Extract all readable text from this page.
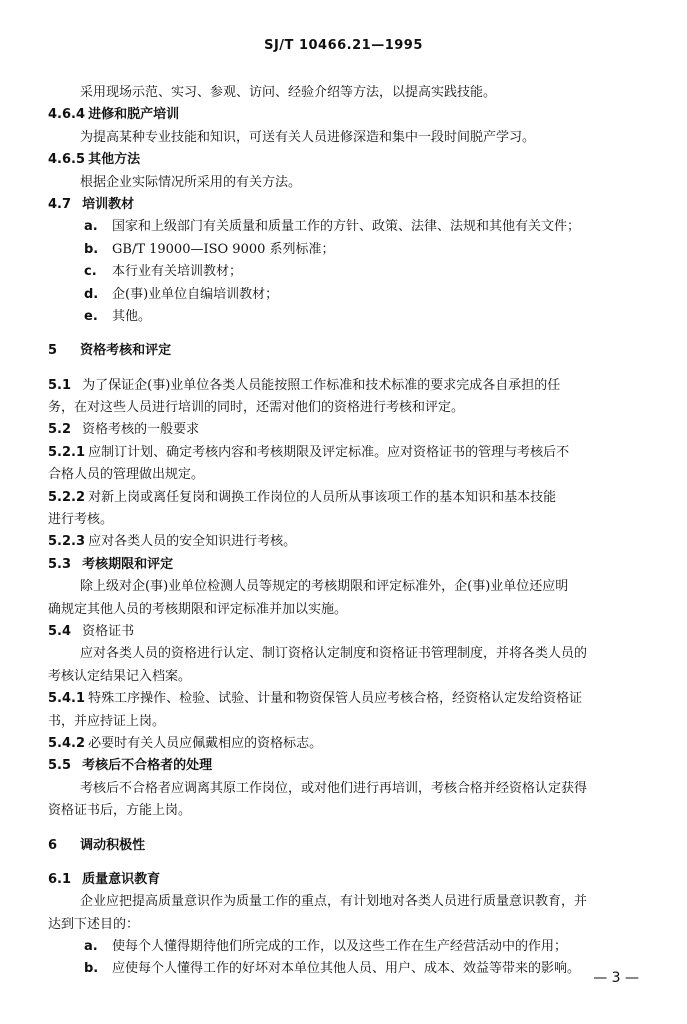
SJ/T 10466.21—1995
采用现场示范、实习、参观、访问、经验介绍等方法，以提高实践技能。
4.6.4 进修和脱产培训
为提高某种专业技能和知识，可送有关人员进修深造和集中一段时间脱产学习。
4.6.5 其他方法
根据企业实际情况所采用的有关方法。
4.7 培训教材
a. 国家和上级部门有关质量和质量工作的方针、政策、法律、法规和其他有关文件；
b. GB/T 19000—ISO 9000 系列标准；
c. 本行业有关培训教材；
d. 企(事)业单位自编培训教材；
e. 其他。
5 资格考核和评定
5.1 为了保证企(事)业单位各类人员能按照工作标准和技术标准的要求完成各自承担的任
务，在对这些人员进行培训的同时，还需对他们的资格进行考核和评定。
5.2 资格考核的一般要求
5.2.1 应制订计划、确定考核内容和考核期限及评定标准。应对资格证书的管理与考核后不
合格人员的管理做出规定。
5.2.2 对新上岗或离任复岗和调换工作岗位的人员所从事该项工作的基本知识和基本技能
进行考核。
5.2.3 应对各类人员的安全知识进行考核。
5.3 考核期限和评定
除上级对企(事)业单位检测人员等规定的考核期限和评定标准外，企(事)业单位还应明
确规定其他人员的考核期限和评定标准并加以实施。
5.4 资格证书
应对各类人员的资格进行认定、制订资格认定制度和资格证书管理制度，并将各类人员的
考核认定结果记入档案。
5.4.1 特殊工序操作、检验、试验、计量和物资保管人员应考核合格，经资格认定发给资格证
书，并应持证上岗。
5.4.2 必要时有关人员应佩戴相应的资格标志。
5.5 考核后不合格者的处理
考核后不合格者应调离其原工作岗位，或对他们进行再培训，考核合格并经资格认定获得
资格证书后，方能上岗。
6 调动积极性
6.1 质量意识教育
企业应把提高质量意识作为质量工作的重点，有计划地对各类人员进行质量意识教育，并
达到下述目的：
a. 使每个人懂得期待他们所完成的工作，以及这些工作在生产经营活动中的作用；
b. 应使每个人懂得工作的好坏对本单位其他人员、用户、成本、效益等带来的影响。
— 3 —
